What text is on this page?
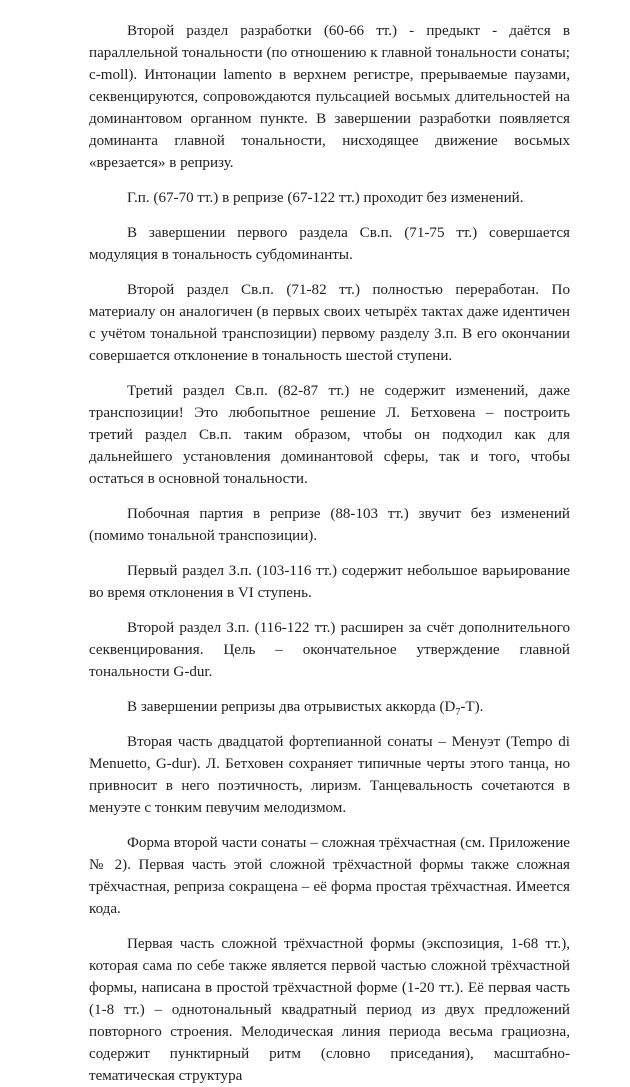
Второй раздел разработки (60-66 тт.) - предыкт - даётся в параллельной тональности (по отношению к главной тональности сонаты; c-moll). Интонации lamento в верхнем регистре, прерываемые паузами, секвенцируются, сопровождаются пульсацией восьмых длительностей на доминантовом органном пункте. В завершении разработки появляется доминанта главной тональности, нисходящее движение восьмых «врезается» в репризу.

Г.п. (67-70 тт.) в репризе (67-122 тт.) проходит без изменений.

В завершении первого раздела Св.п. (71-75 тт.) совершается модуляция в тональность субдоминанты.

Второй раздел Св.п. (71-82 тт.) полностью переработан. По материалу он аналогичен (в первых своих четырёх тактах даже идентичен с учётом тональной транспозиции) первому разделу З.п. В его окончании совершается отклонение в тональность шестой ступени.

Третий раздел Св.п. (82-87 тт.) не содержит изменений, даже транспозиции! Это любопытное решение Л. Бетховена – построить третий раздел Св.п. таким образом, чтобы он подходил как для дальнейшего установления доминантовой сферы, так и того, чтобы остаться в основной тональности.

Побочная партия в репризе (88-103 тт.) звучит без изменений (помимо тональной транспозиции).

Первый раздел З.п. (103-116 тт.) содержит небольшое варьирование во время отклонения в VI ступень.

Второй раздел З.п. (116-122 тт.) расширен за счёт дополнительного секвенцирования. Цель – окончательное утверждение главной тональности G-dur.

В завершении репризы два отрывистых аккорда $(D_7-T)$.

Вторая часть двадцатой фортепианной сонаты – Менуэт (Tempo di Menuetto, G-dur). Л. Бетховен сохраняет типичные черты этого танца, но привносит в него поэтичность, лиризм. Танцевальность сочетаются в менуэте с тонким певучим мелодизмом.

Форма второй части сонаты – сложная трёхчастная (см. Приложение № 2). Первая часть этой сложной трёхчастной формы также сложная трёхчастная, реприза сокращена – её форма простая трёхчастная. Имеется кода.

Первая часть сложной трёхчастной формы (экспозиция, 1-68 тт.), которая сама по себе также является первой частью сложной трёхчастной формы, написана в простой трёхчастной форме (1-20 тт.). Её первая часть (1-8 тт.) – однотональный квадратный период из двух предложений повторного строения. Мелодическая линия периода весьма грациозна, содержит пунктирный ритм (словно приседания), масштабно-тематическая структура
